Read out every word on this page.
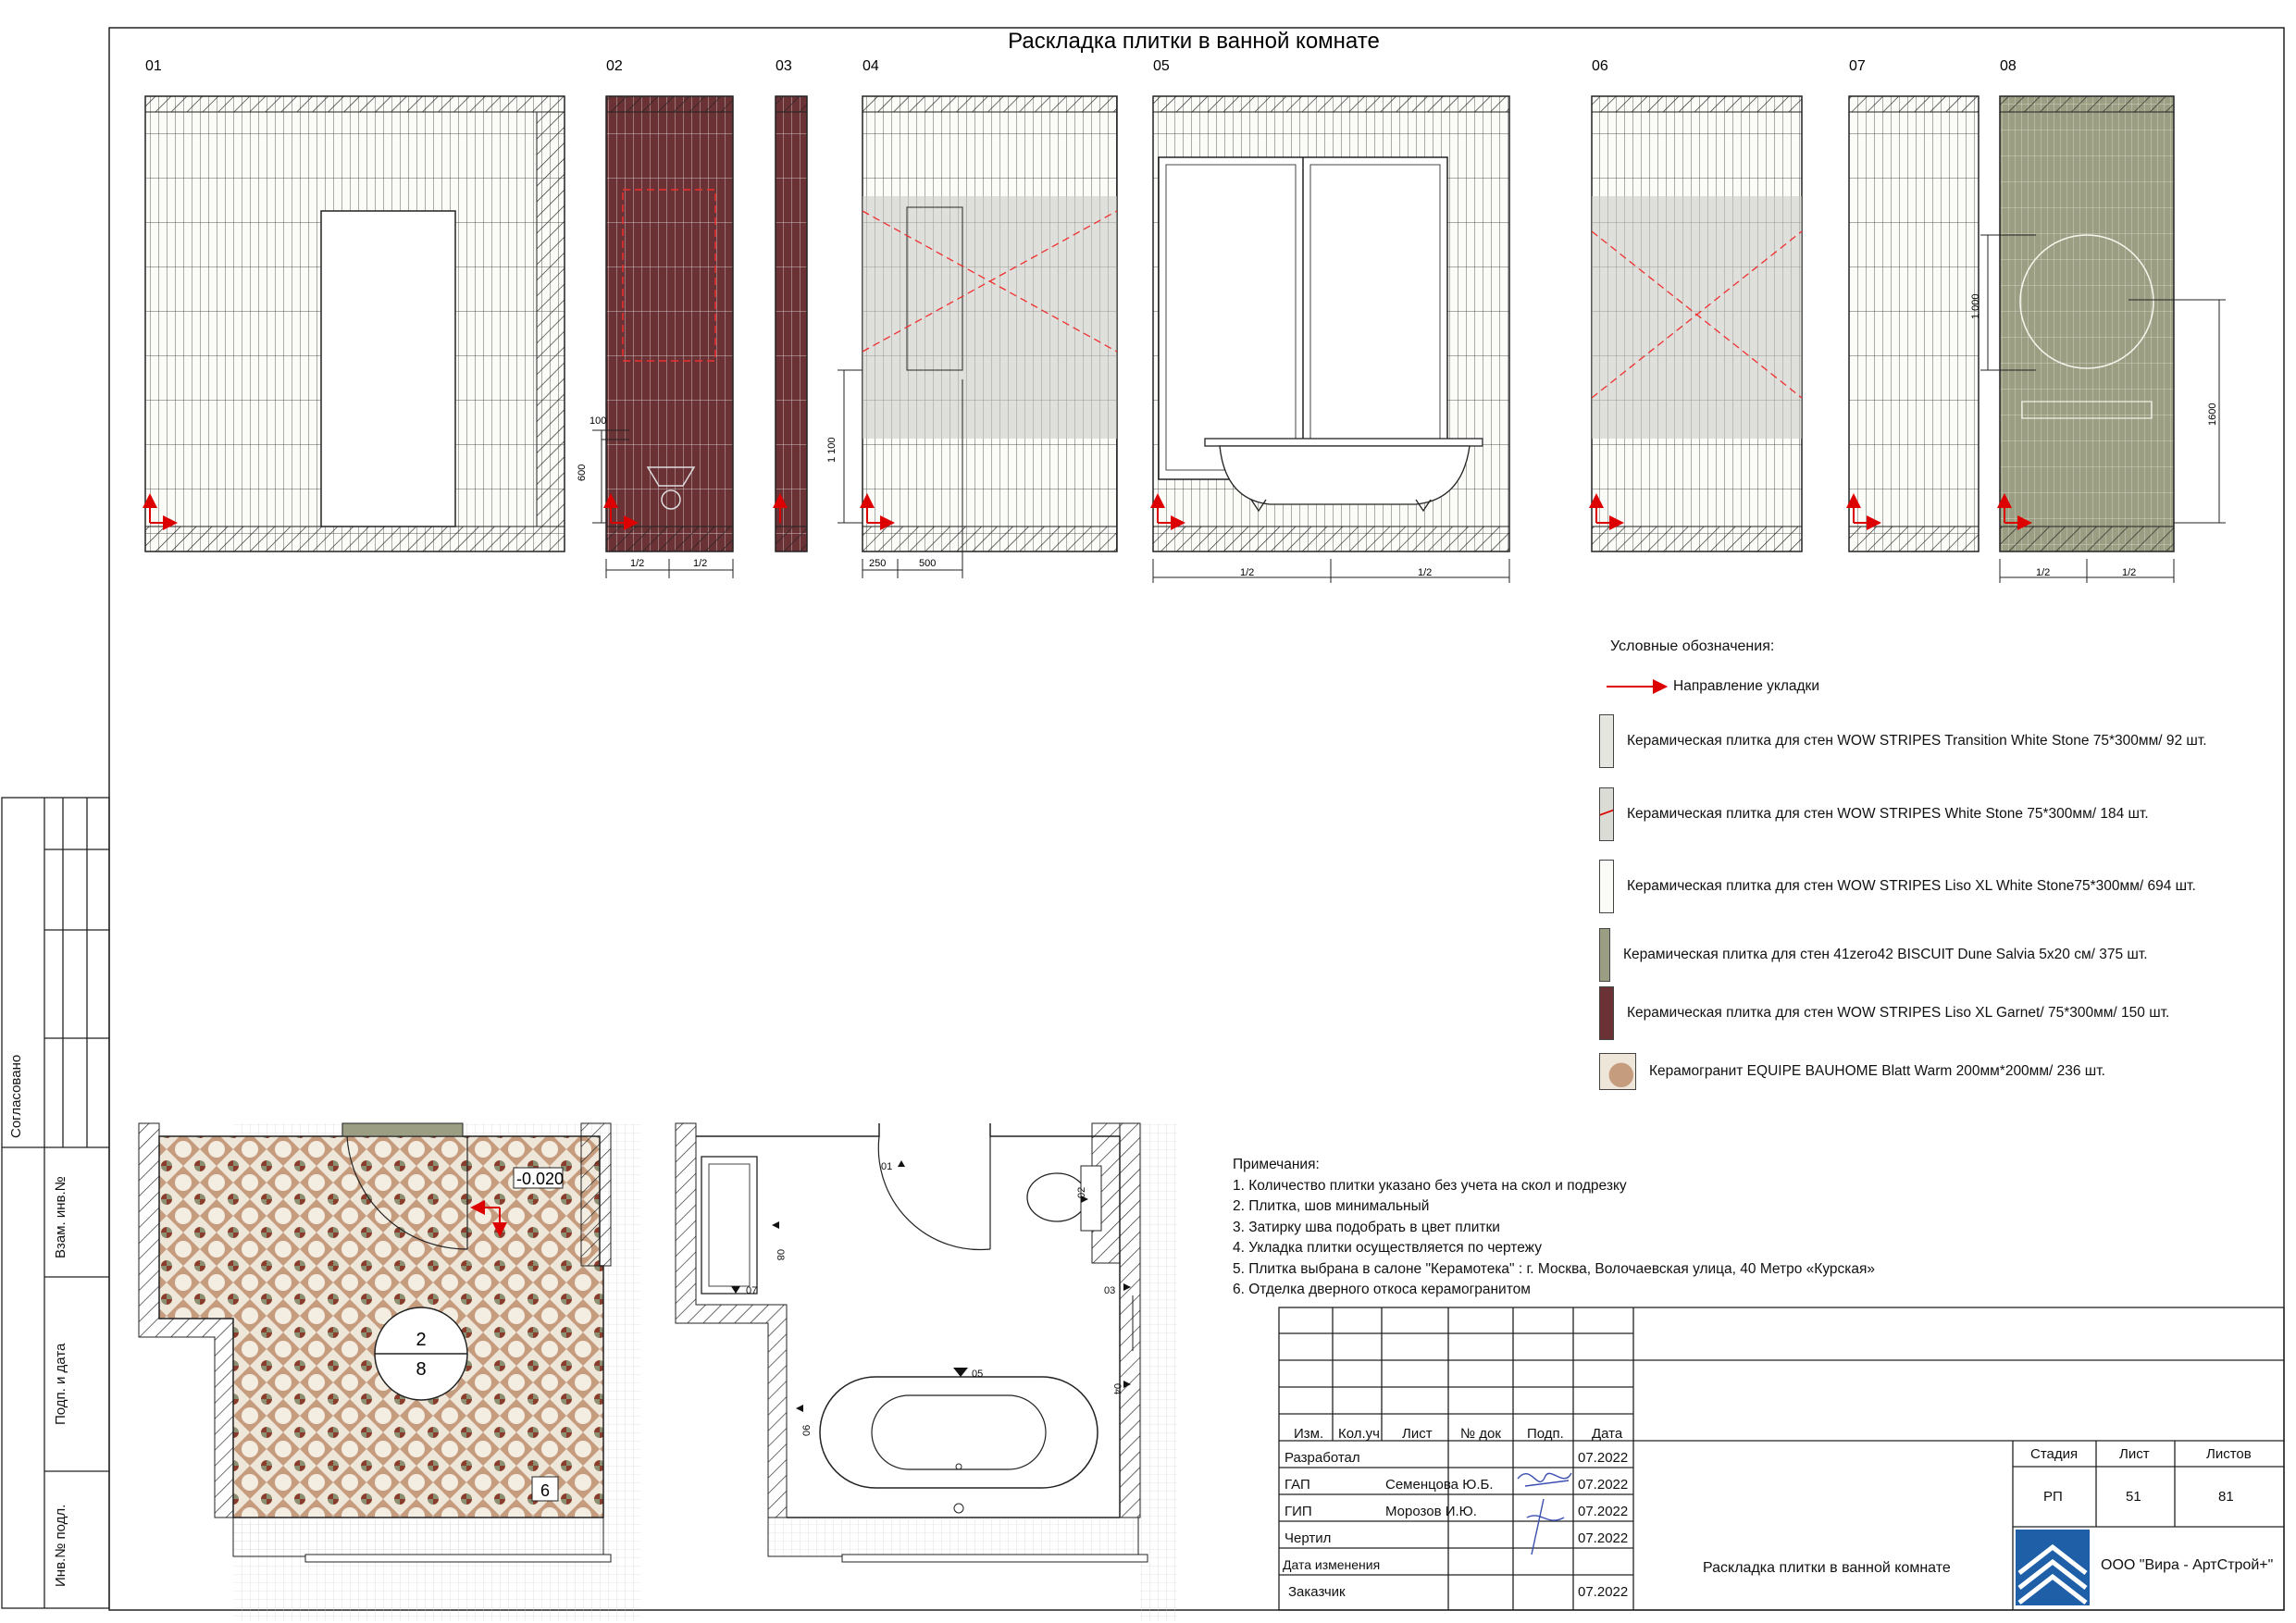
Раскладка плитки в ванной комнате
01	02	03	04	05	06	07	08
100
600
1/2	1/2
1 100
250	500
1/2	1/2
1 000
1600
1/2	1/2
-0.020
2
8
6
01
02
03
04
05
06
07
08
Согласовано
Взам. инв.№
Подп. и дата
Инв.№ подл.
Условные обозначения:
Направление укладки
Керамическая плитка для стен WOW STRIPES Transition White Stone 75*300мм/ 92 шт.
Керамическая плитка для стен WOW STRIPES White Stone 75*300мм/ 184 шт.
Керамическая плитка для стен WOW STRIPES Liso XL White Stone75*300мм/ 694 шт.
Керамическая плитка для стен 41zero42 BISCUIT Dune Salvia 5х20 см/ 375 шт.
Керамическая плитка для стен WOW STRIPES Liso XL Garnet/ 75*300мм/ 150 шт.
Керамогранит EQUIPE BAUHOME Blatt Warm 200мм*200мм/ 236 шт.
Примечания:
1. Количество плитки указано без учета на скол и подрезку
2. Плитка, шов минимальный
3. Затирку шва подобрать в цвет плитки
4. Укладка плитки осуществляется по чертежу
5. Плитка выбрана в салоне "Керамотека" : г. Москва, Волочаевская улица, 40 Метро «Курская»
6. Отделка дверного откоса керамогранитом
Изм. Кол.уч Лист № док Подп. Дата
Разработал	07.2022
ГАП	Семенцова Ю.Б.	07.2022
ГИП	Морозов И.Ю.	07.2022
Чертил	07.2022
Дата изменения
Заказчик	07.2022
Стадия	Лист	Листов
РП	51	81
Раскладка плитки в ванной комнате	ООО "Вира - АртСтрой+"
